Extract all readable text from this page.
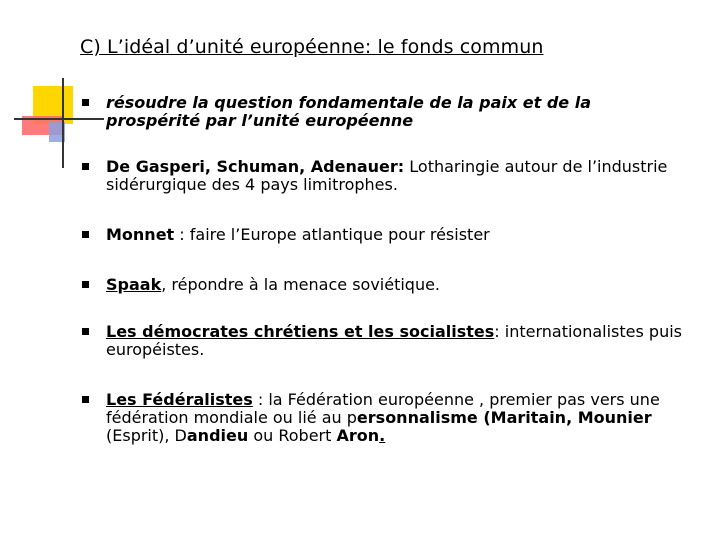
C) L’idéal d’unité européenne: le fonds commun
résoudre la question fondamentale de la paix et de la prospérité par l’unité européenne
De Gasperi, Schuman, Adenauer: Lotharingie autour de l’industrie sidérurgique des 4 pays limitrophes.
Monnet : faire l’Europe atlantique pour résister
Spaak, répondre à la menace soviétique.
Les démocrates chrétiens et les socialistes: internationalistes puis européistes.
Les Fédéralistes : la Fédération européenne , premier pas vers une fédération mondiale ou lié au personnalisme (Maritain, Mounier (Esprit), Dandieu ou Robert Aron.
